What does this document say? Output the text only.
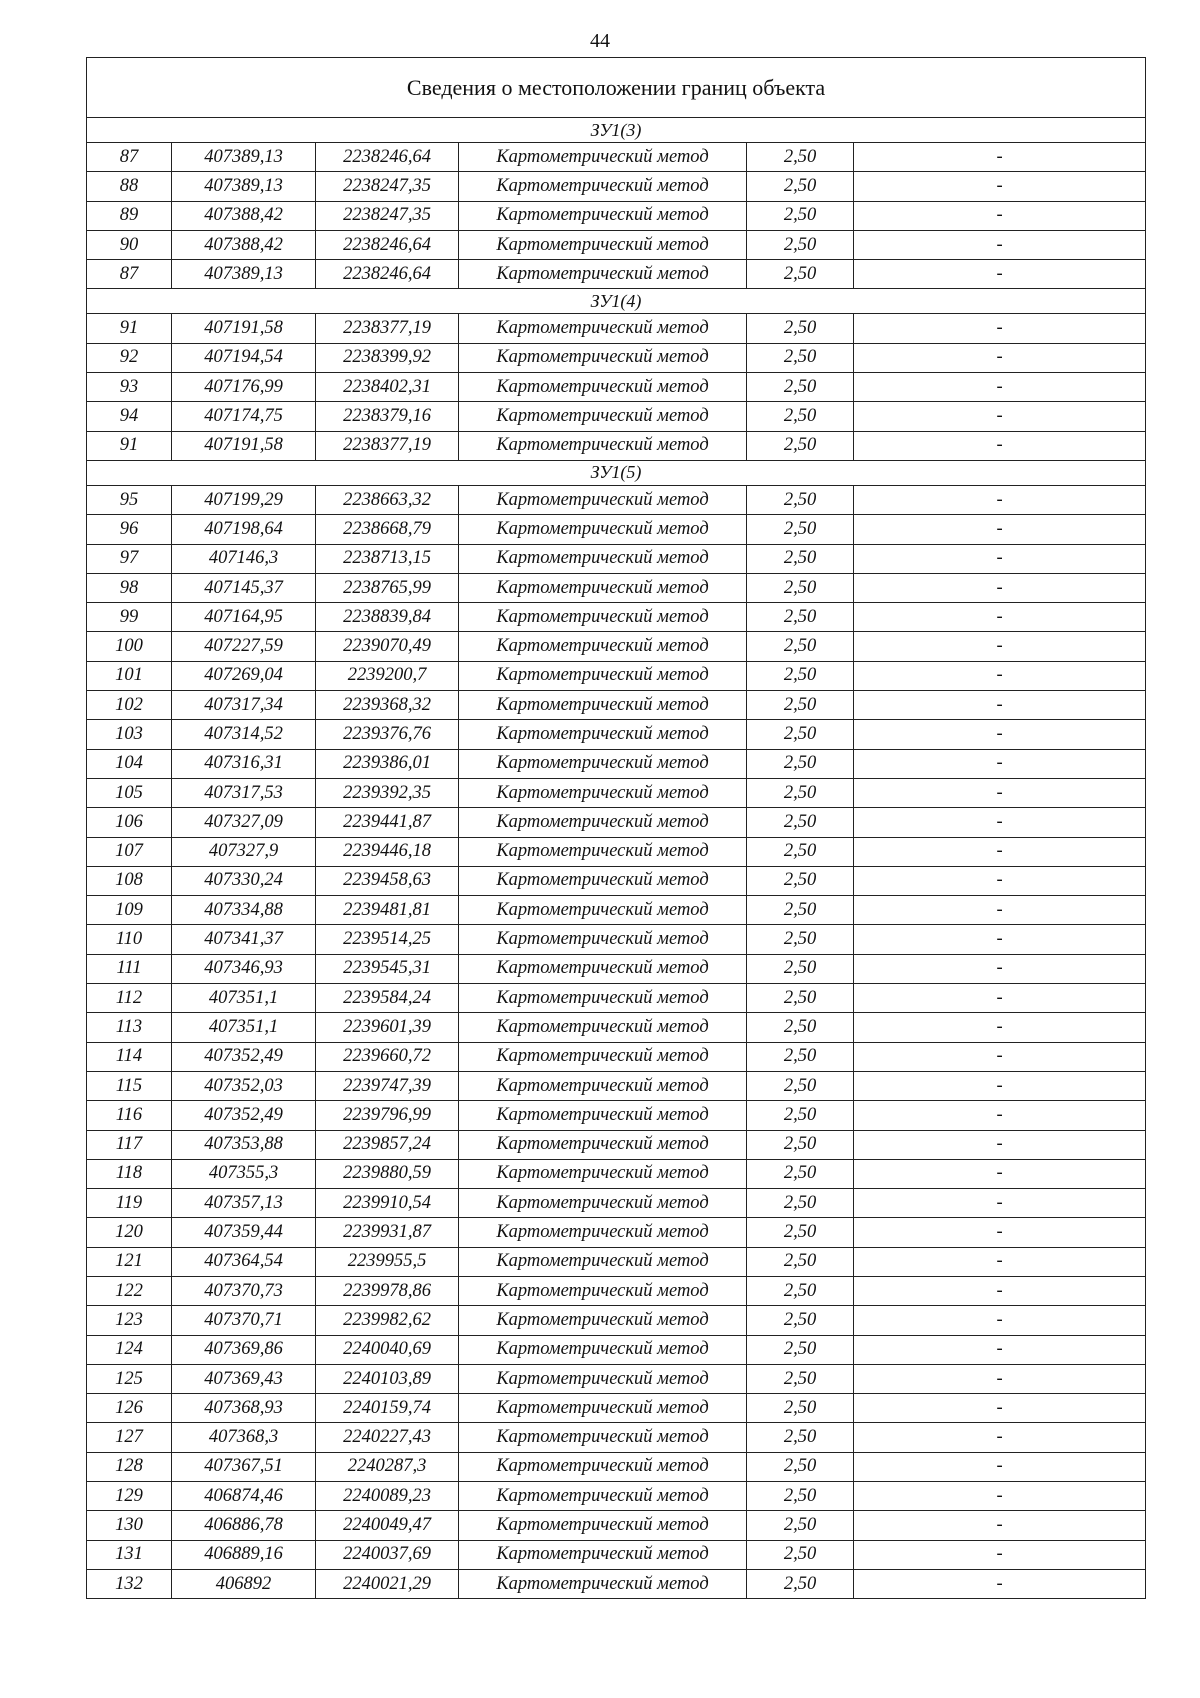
44
Сведения о местоположении границ объекта					
ЗУ1(3)					
87	407389,13	2238246,64	Картометрический метод	2,50	-
88	407389,13	2238247,35	Картометрический метод	2,50	-
89	407388,42	2238247,35	Картометрический метод	2,50	-
90	407388,42	2238246,64	Картометрический метод	2,50	-
87	407389,13	2238246,64	Картометрический метод	2,50	-
ЗУ1(4)					
91	407191,58	2238377,19	Картометрический метод	2,50	-
92	407194,54	2238399,92	Картометрический метод	2,50	-
93	407176,99	2238402,31	Картометрический метод	2,50	-
94	407174,75	2238379,16	Картометрический метод	2,50	-
91	407191,58	2238377,19	Картометрический метод	2,50	-
ЗУ1(5)					
95	407199,29	2238663,32	Картометрический метод	2,50	-
96	407198,64	2238668,79	Картометрический метод	2,50	-
97	407146,3	2238713,15	Картометрический метод	2,50	-
98	407145,37	2238765,99	Картометрический метод	2,50	-
99	407164,95	2238839,84	Картометрический метод	2,50	-
100	407227,59	2239070,49	Картометрический метод	2,50	-
101	407269,04	2239200,7	Картометрический метод	2,50	-
102	407317,34	2239368,32	Картометрический метод	2,50	-
103	407314,52	2239376,76	Картометрический метод	2,50	-
104	407316,31	2239386,01	Картометрический метод	2,50	-
105	407317,53	2239392,35	Картометрический метод	2,50	-
106	407327,09	2239441,87	Картометрический метод	2,50	-
107	407327,9	2239446,18	Картометрический метод	2,50	-
108	407330,24	2239458,63	Картометрический метод	2,50	-
109	407334,88	2239481,81	Картометрический метод	2,50	-
110	407341,37	2239514,25	Картометрический метод	2,50	-
111	407346,93	2239545,31	Картометрический метод	2,50	-
112	407351,1	2239584,24	Картометрический метод	2,50	-
113	407351,1	2239601,39	Картометрический метод	2,50	-
114	407352,49	2239660,72	Картометрический метод	2,50	-
115	407352,03	2239747,39	Картометрический метод	2,50	-
116	407352,49	2239796,99	Картометрический метод	2,50	-
117	407353,88	2239857,24	Картометрический метод	2,50	-
118	407355,3	2239880,59	Картометрический метод	2,50	-
119	407357,13	2239910,54	Картометрический метод	2,50	-
120	407359,44	2239931,87	Картометрический метод	2,50	-
121	407364,54	2239955,5	Картометрический метод	2,50	-
122	407370,73	2239978,86	Картометрический метод	2,50	-
123	407370,71	2239982,62	Картометрический метод	2,50	-
124	407369,86	2240040,69	Картометрический метод	2,50	-
125	407369,43	2240103,89	Картометрический метод	2,50	-
126	407368,93	2240159,74	Картометрический метод	2,50	-
127	407368,3	2240227,43	Картометрический метод	2,50	-
128	407367,51	2240287,3	Картометрический метод	2,50	-
129	406874,46	2240089,23	Картометрический метод	2,50	-
130	406886,78	2240049,47	Картометрический метод	2,50	-
131	406889,16	2240037,69	Картометрический метод	2,50	-
132	406892	2240021,29	Картометрический метод	2,50	-
